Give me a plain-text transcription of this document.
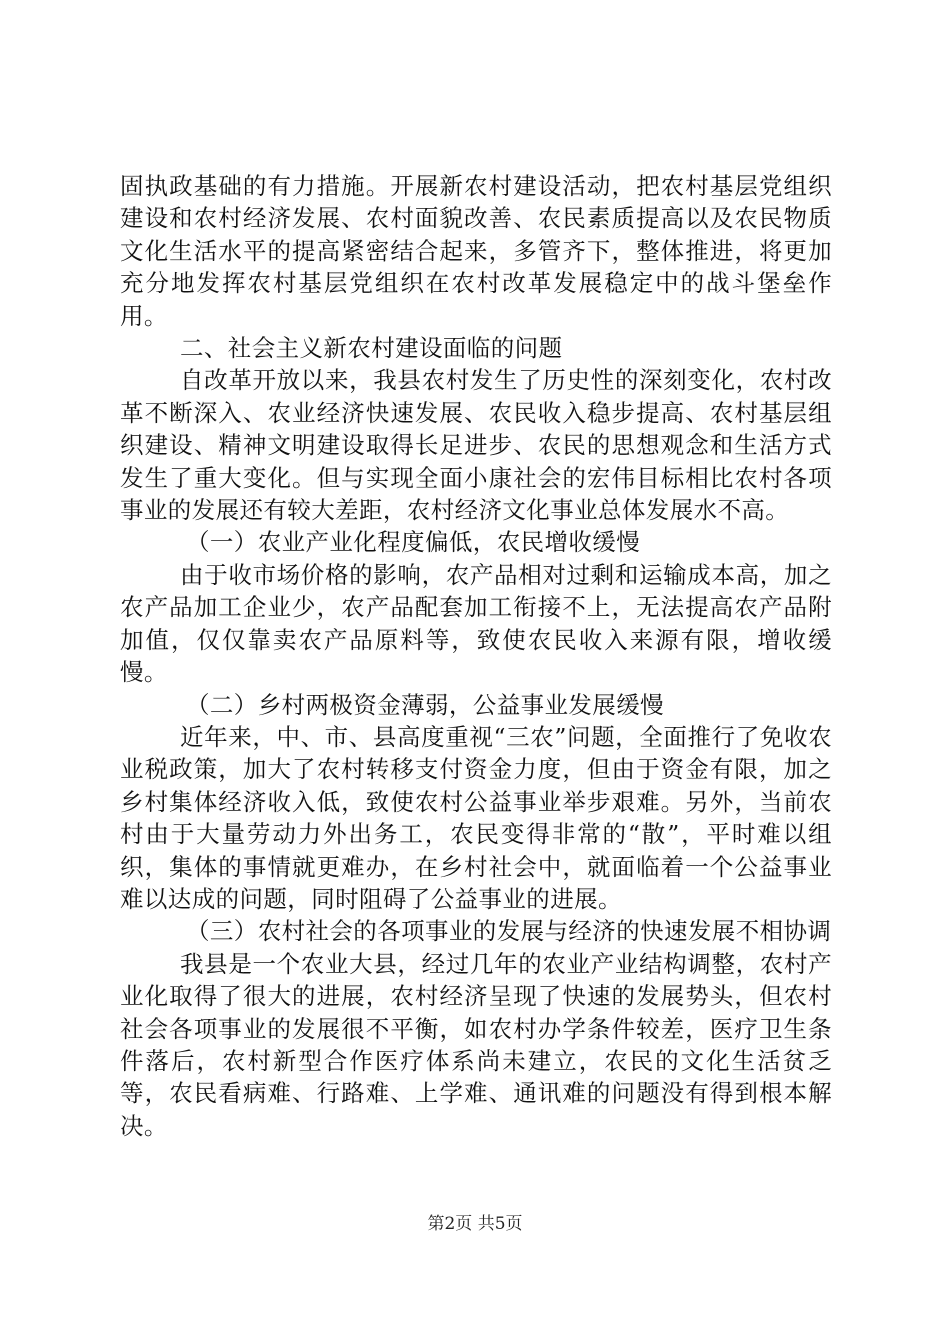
固执政基础的有力措施。开展新农村建设活动，把农村基层党组织建设和农村经济发展、农村面貌改善、农民素质提高以及农民物质文化生活水平的提高紧密结合起来，多管齐下，整体推进，将更加充分地发挥农村基层党组织在农村改革发展稳定中的战斗堡垒作用。

二、社会主义新农村建设面临的问题

自改革开放以来，我县农村发生了历史性的深刻变化，农村改革不断深入、农业经济快速发展、农民收入稳步提高、农村基层组织建设、精神文明建设取得长足进步、农民的思想观念和生活方式发生了重大变化。但与实现全面小康社会的宏伟目标相比农村各项事业的发展还有较大差距，农村经济文化事业总体发展水不高。

（一）农业产业化程度偏低，农民增收缓慢

由于收市场价格的影响，农产品相对过剩和运输成本高，加之农产品加工企业少，农产品配套加工衔接不上，无法提高农产品附加值，仅仅靠卖农产品原料等，致使农民收入来源有限，增收缓慢。

（二）乡村两极资金薄弱，公益事业发展缓慢

近年来，中、市、县高度重视“三农”问题，全面推行了免收农业税政策，加大了农村转移支付资金力度，但由于资金有限，加之乡村集体经济收入低，致使农村公益事业举步艰难。另外，当前农村由于大量劳动力外出务工，农民变得非常的“散”，平时难以组织，集体的事情就更难办，在乡村社会中，就面临着一个公益事业难以达成的问题，同时阻碍了公益事业的进展。

（三）农村社会的各项事业的发展与经济的快速发展不相协调

我县是一个农业大县，经过几年的农业产业结构调整，农村产业化取得了很大的进展，农村经济呈现了快速的发展势头，但农村社会各项事业的发展很不平衡，如农村办学条件较差，医疗卫生条件落后，农村新型合作医疗体系尚未建立，农民的文化生活贫乏等，农民看病难、行路难、上学难、通讯难的问题没有得到根本解决。

第2页 共5页
